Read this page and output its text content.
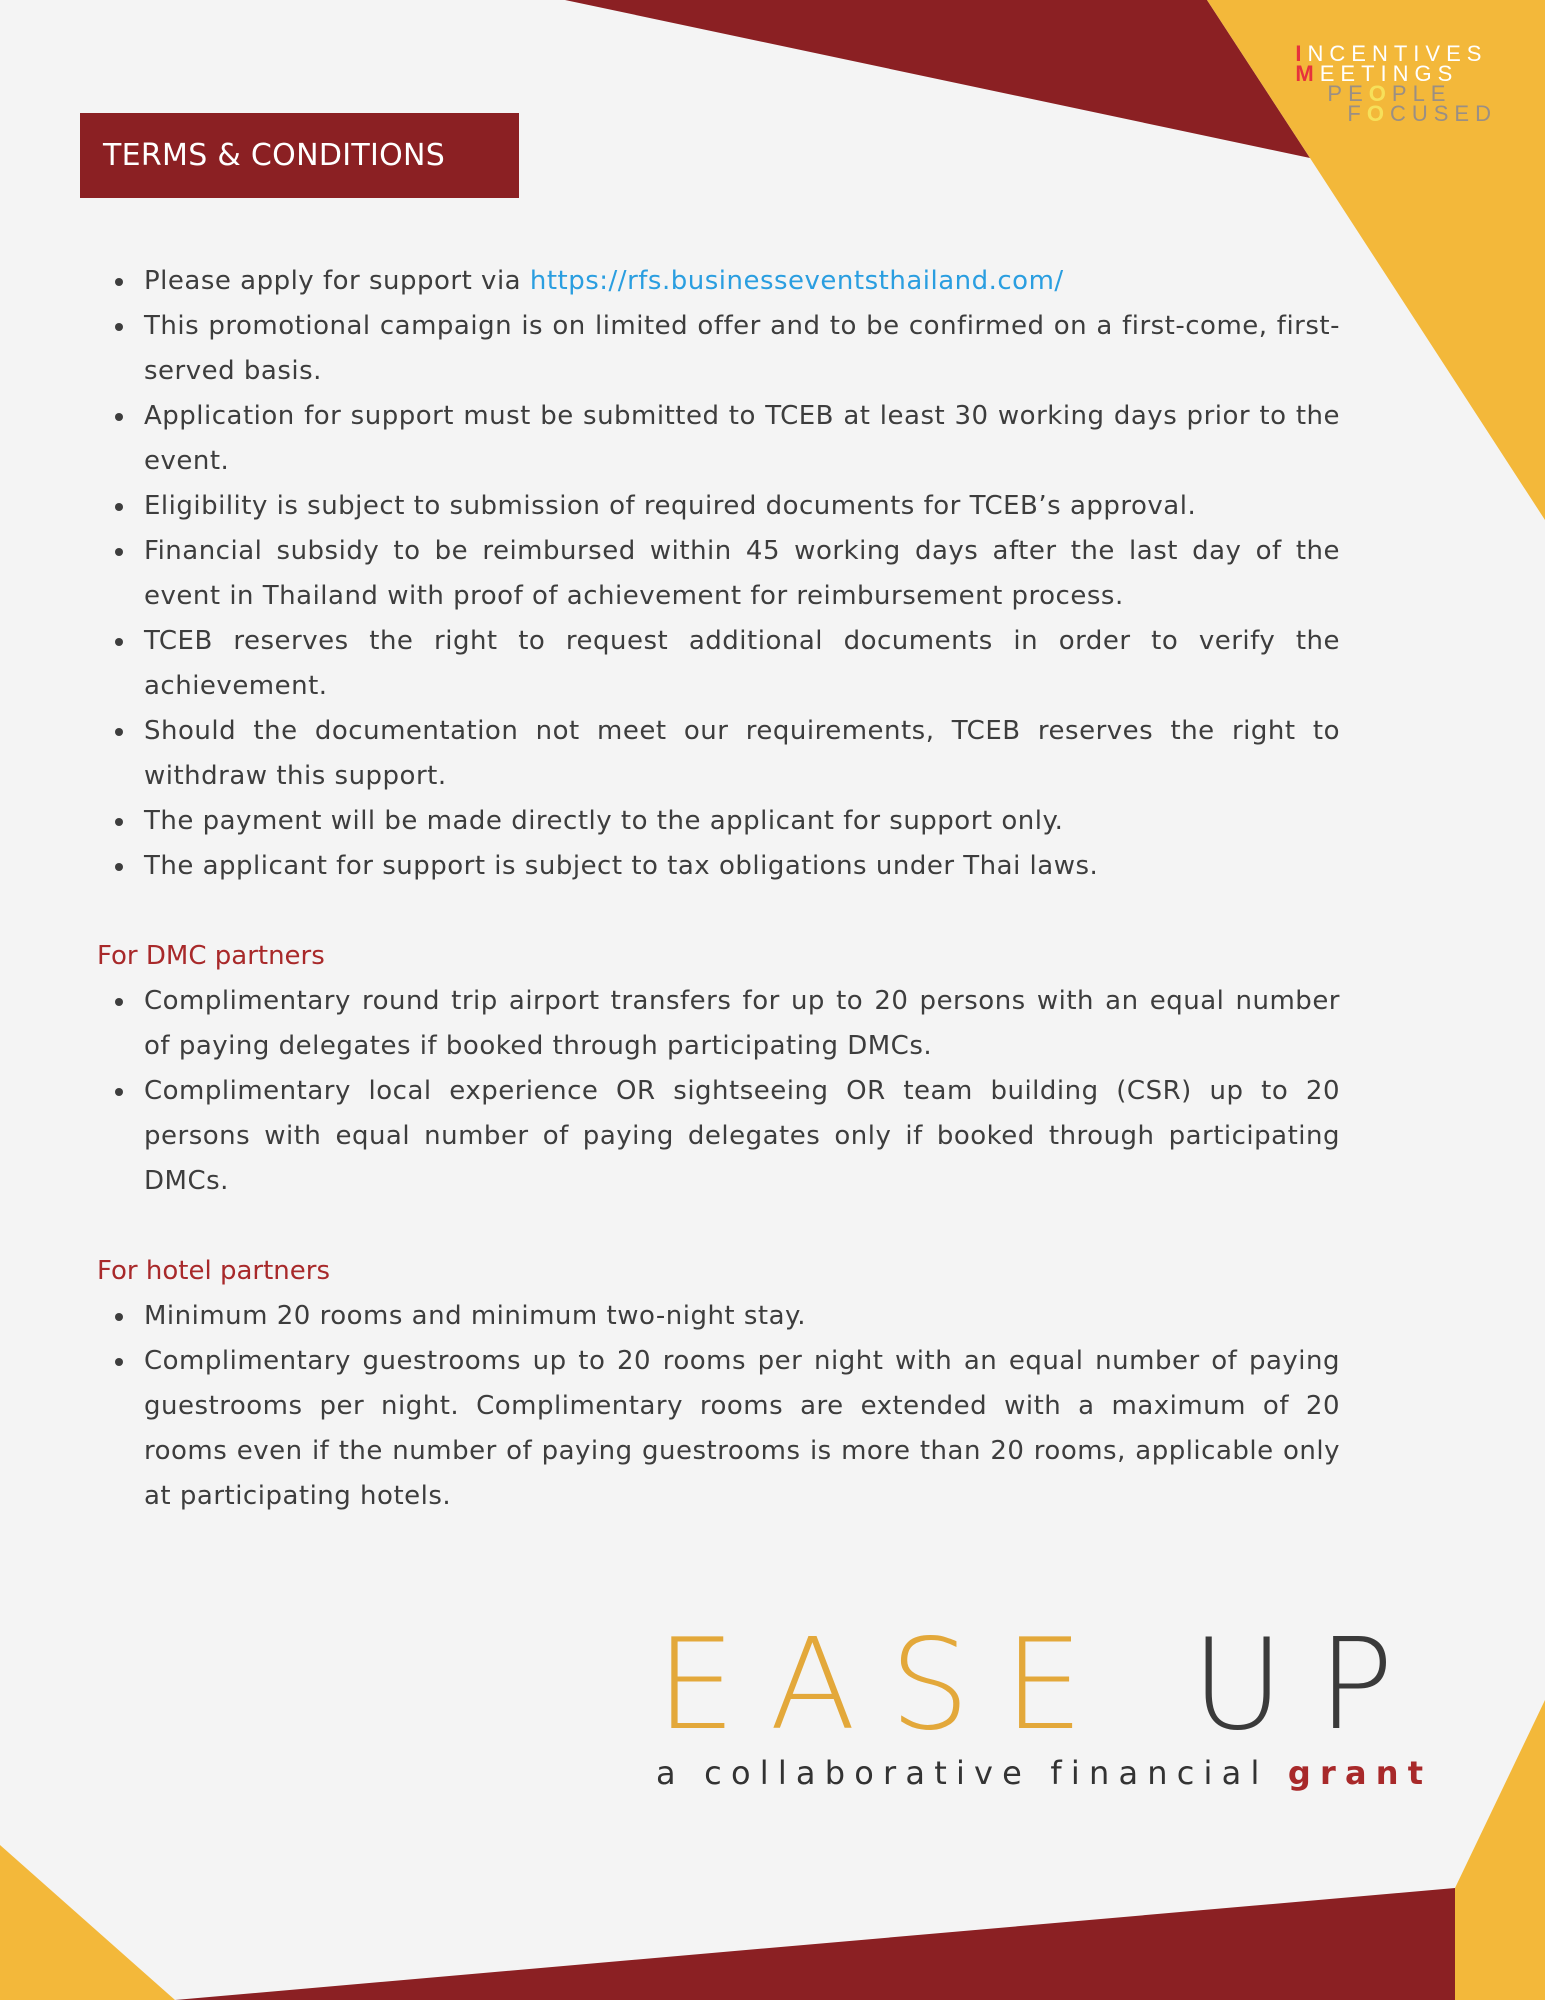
INCENTIVES
MEETINGS
PEOPLE
FOCUSED
TERMS & CONDITIONS
Please apply for support via https://rfs.businesseventsthailand.com/
This promotional campaign is on limited offer and to be confirmed on a first-come, first-served basis.
Application for support must be submitted to TCEB at least 30 working days prior to the event.
Eligibility is subject to submission of required documents for TCEB’s approval.
Financial subsidy to be reimbursed within 45 working days after the last day of the event in Thailand with proof of achievement for reimbursement process.
TCEB reserves the right to request additional documents in order to verify the achievement.
Should the documentation not meet our requirements, TCEB reserves the right to withdraw this support.
The payment will be made directly to the applicant for support only.
The applicant for support is subject to tax obligations under Thai laws.
For DMC partners
Complimentary round trip airport transfers for up to 20 persons with an equal number of paying delegates if booked through participating DMCs.
Complimentary local experience OR sightseeing OR team building (CSR) up to 20 persons with equal number of paying delegates only if booked through participating DMCs.
For hotel partners
Minimum 20 rooms and minimum two-night stay.
Complimentary guestrooms up to 20 rooms per night with an equal number of paying guestrooms per night. Complimentary rooms are extended with a maximum of 20 rooms even if the number of paying guestrooms is more than 20 rooms, applicable only at participating hotels.
EASE UP
a collaborative financial grant
